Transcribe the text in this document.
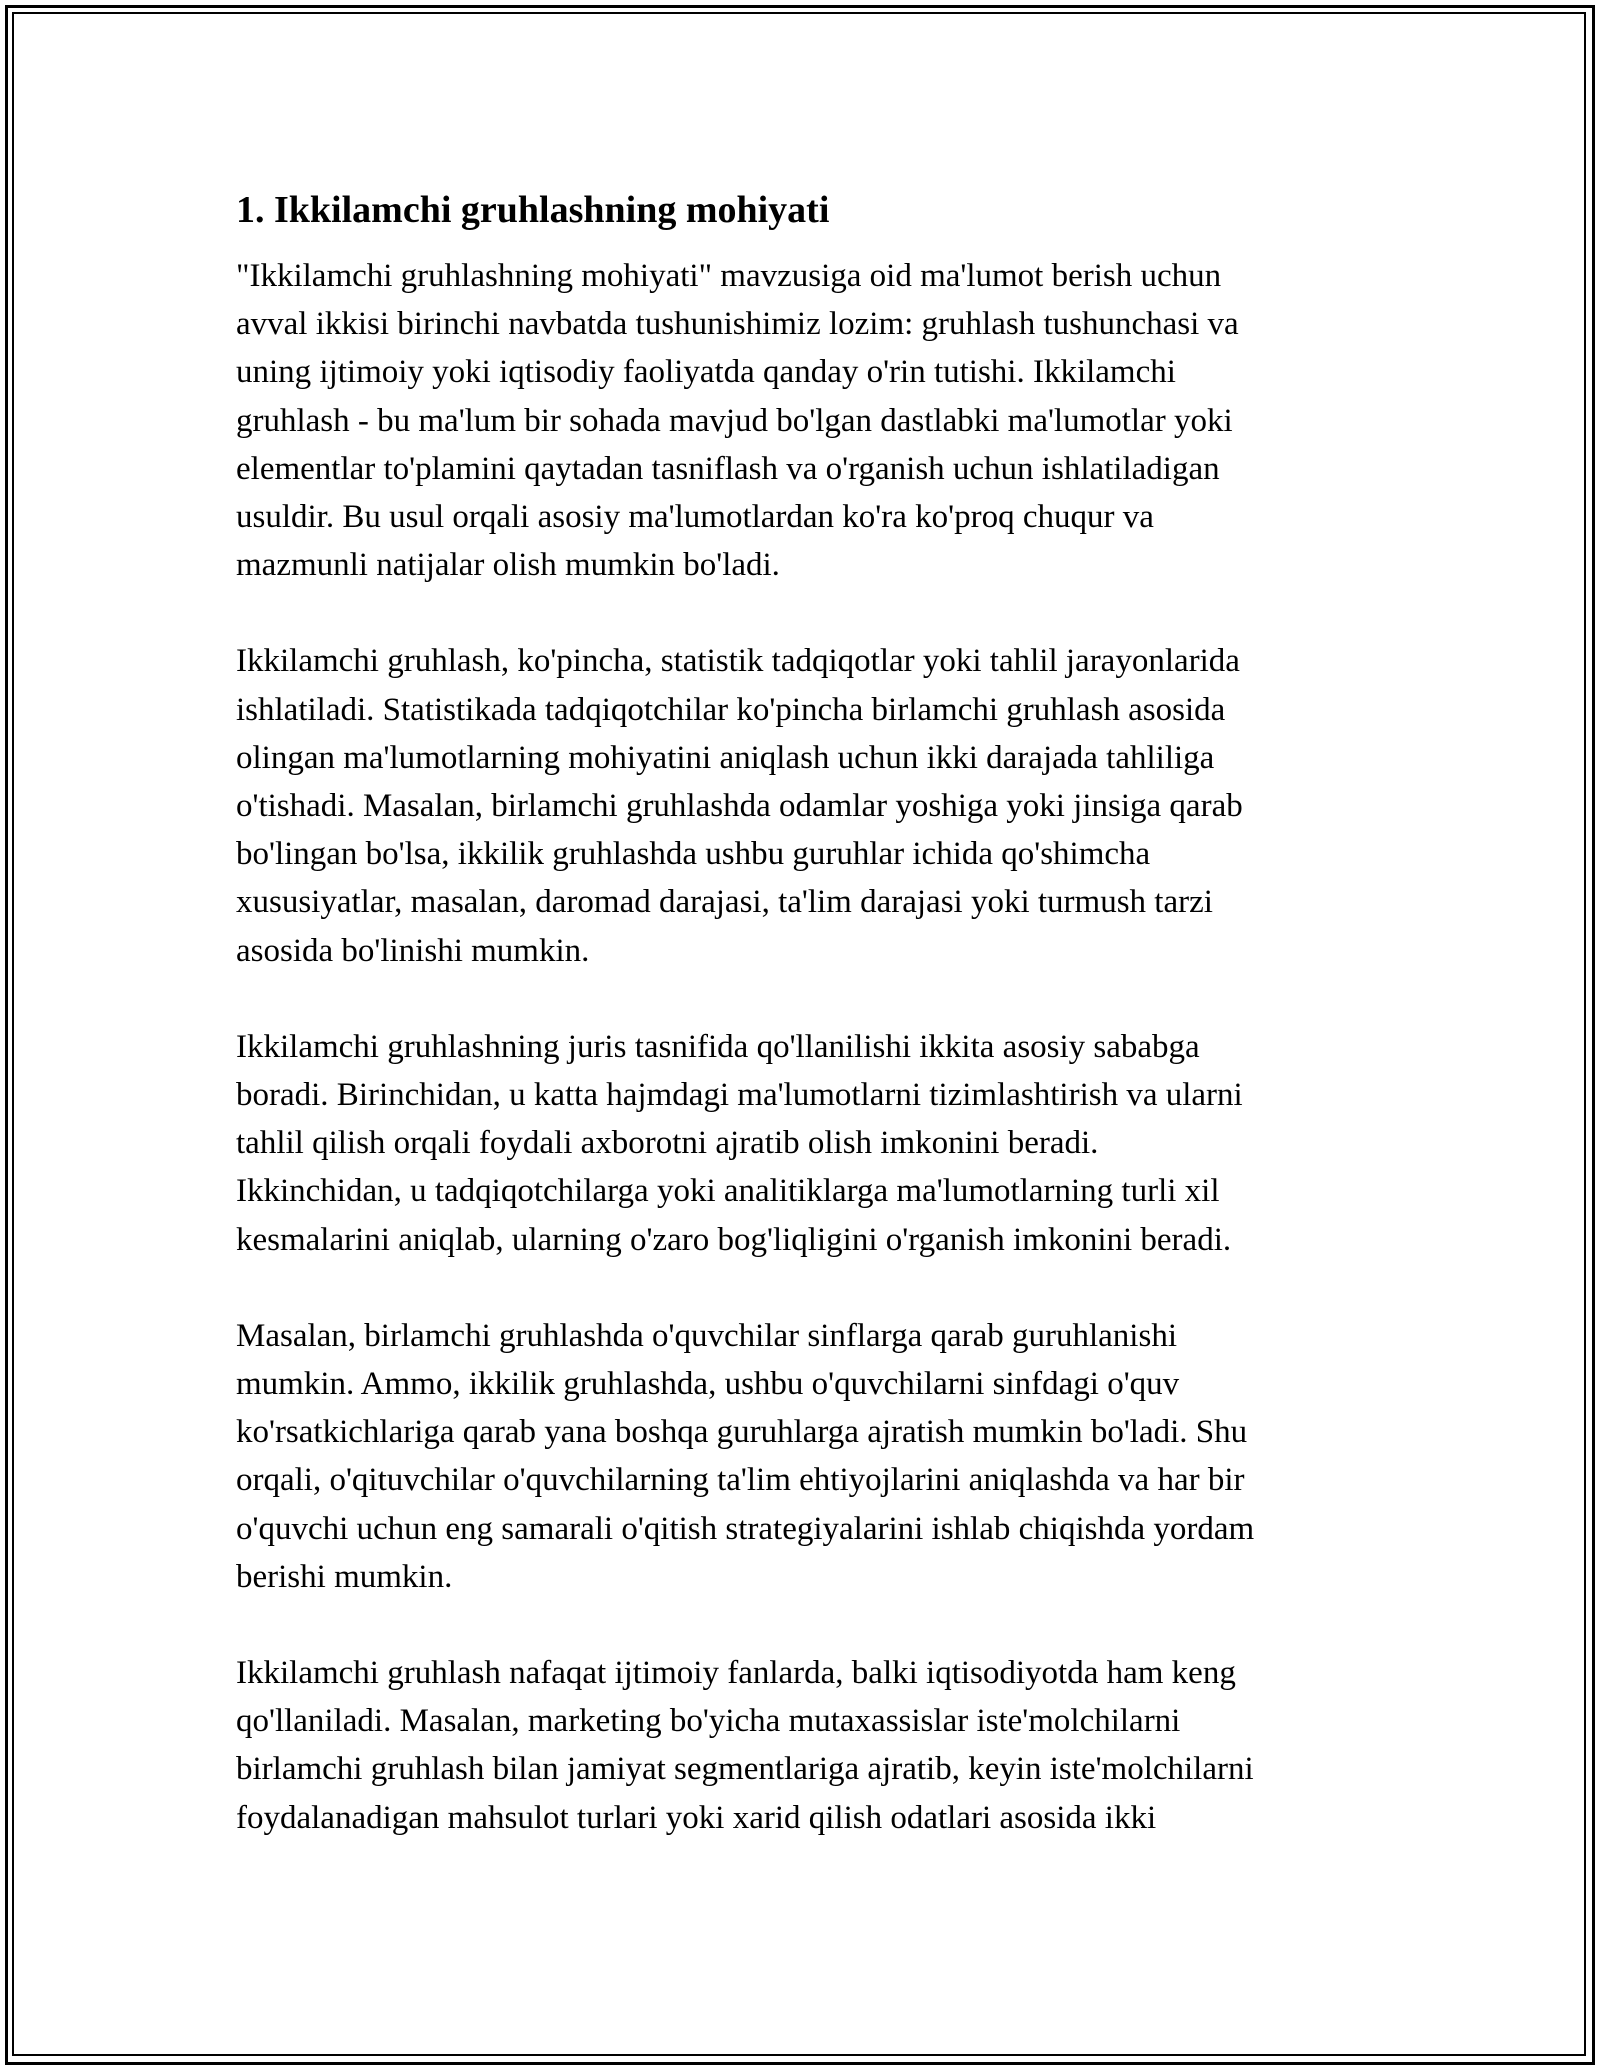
1. Ikkilamchi gruhlashning mohiyati
"Ikkilamchi gruhlashning mohiyati" mavzusiga oid ma'lumot berish uchun
avval ikkisi birinchi navbatda tushunishimiz lozim: gruhlash tushunchasi va
uning ijtimoiy yoki iqtisodiy faoliyatda qanday o'rin tutishi. Ikkilamchi
gruhlash - bu ma'lum bir sohada mavjud bo'lgan dastlabki ma'lumotlar yoki
elementlar to'plamini qaytadan tasniflash va o'rganish uchun ishlatiladigan
usuldir. Bu usul orqali asosiy ma'lumotlardan ko'ra ko'proq chuqur va
mazmunli natijalar olish mumkin bo'ladi.
Ikkilamchi gruhlash, ko'pincha, statistik tadqiqotlar yoki tahlil jarayonlarida
ishlatiladi. Statistikada tadqiqotchilar ko'pincha birlamchi gruhlash asosida
olingan ma'lumotlarning mohiyatini aniqlash uchun ikki darajada tahliliga
o'tishadi. Masalan, birlamchi gruhlashda odamlar yoshiga yoki jinsiga qarab
bo'lingan bo'lsa, ikkilik gruhlashda ushbu guruhlar ichida qo'shimcha
xususiyatlar, masalan, daromad darajasi, ta'lim darajasi yoki turmush tarzi
asosida bo'linishi mumkin.
Ikkilamchi gruhlashning juris tasnifida qo'llanilishi ikkita asosiy sababga
boradi. Birinchidan, u katta hajmdagi ma'lumotlarni tizimlashtirish va ularni
tahlil qilish orqali foydali axborotni ajratib olish imkonini beradi.
Ikkinchidan, u tadqiqotchilarga yoki analitiklarga ma'lumotlarning turli xil
kesmalarini aniqlab, ularning o'zaro bog'liqligini o'rganish imkonini beradi.
Masalan, birlamchi gruhlashda o'quvchilar sinflarga qarab guruhlanishi
mumkin. Ammo, ikkilik gruhlashda, ushbu o'quvchilarni sinfdagi o'quv
ko'rsatkichlariga qarab yana boshqa guruhlarga ajratish mumkin bo'ladi. Shu
orqali, o'qituvchilar o'quvchilarning ta'lim ehtiyojlarini aniqlashda va har bir
o'quvchi uchun eng samarali o'qitish strategiyalarini ishlab chiqishda yordam
berishi mumkin.
Ikkilamchi gruhlash nafaqat ijtimoiy fanlarda, balki iqtisodiyotda ham keng
qo'llaniladi. Masalan, marketing bo'yicha mutaxassislar iste'molchilarni
birlamchi gruhlash bilan jamiyat segmentlariga ajratib, keyin iste'molchilarni
foydalanadigan mahsulot turlari yoki xarid qilish odatlari asosida ikki
